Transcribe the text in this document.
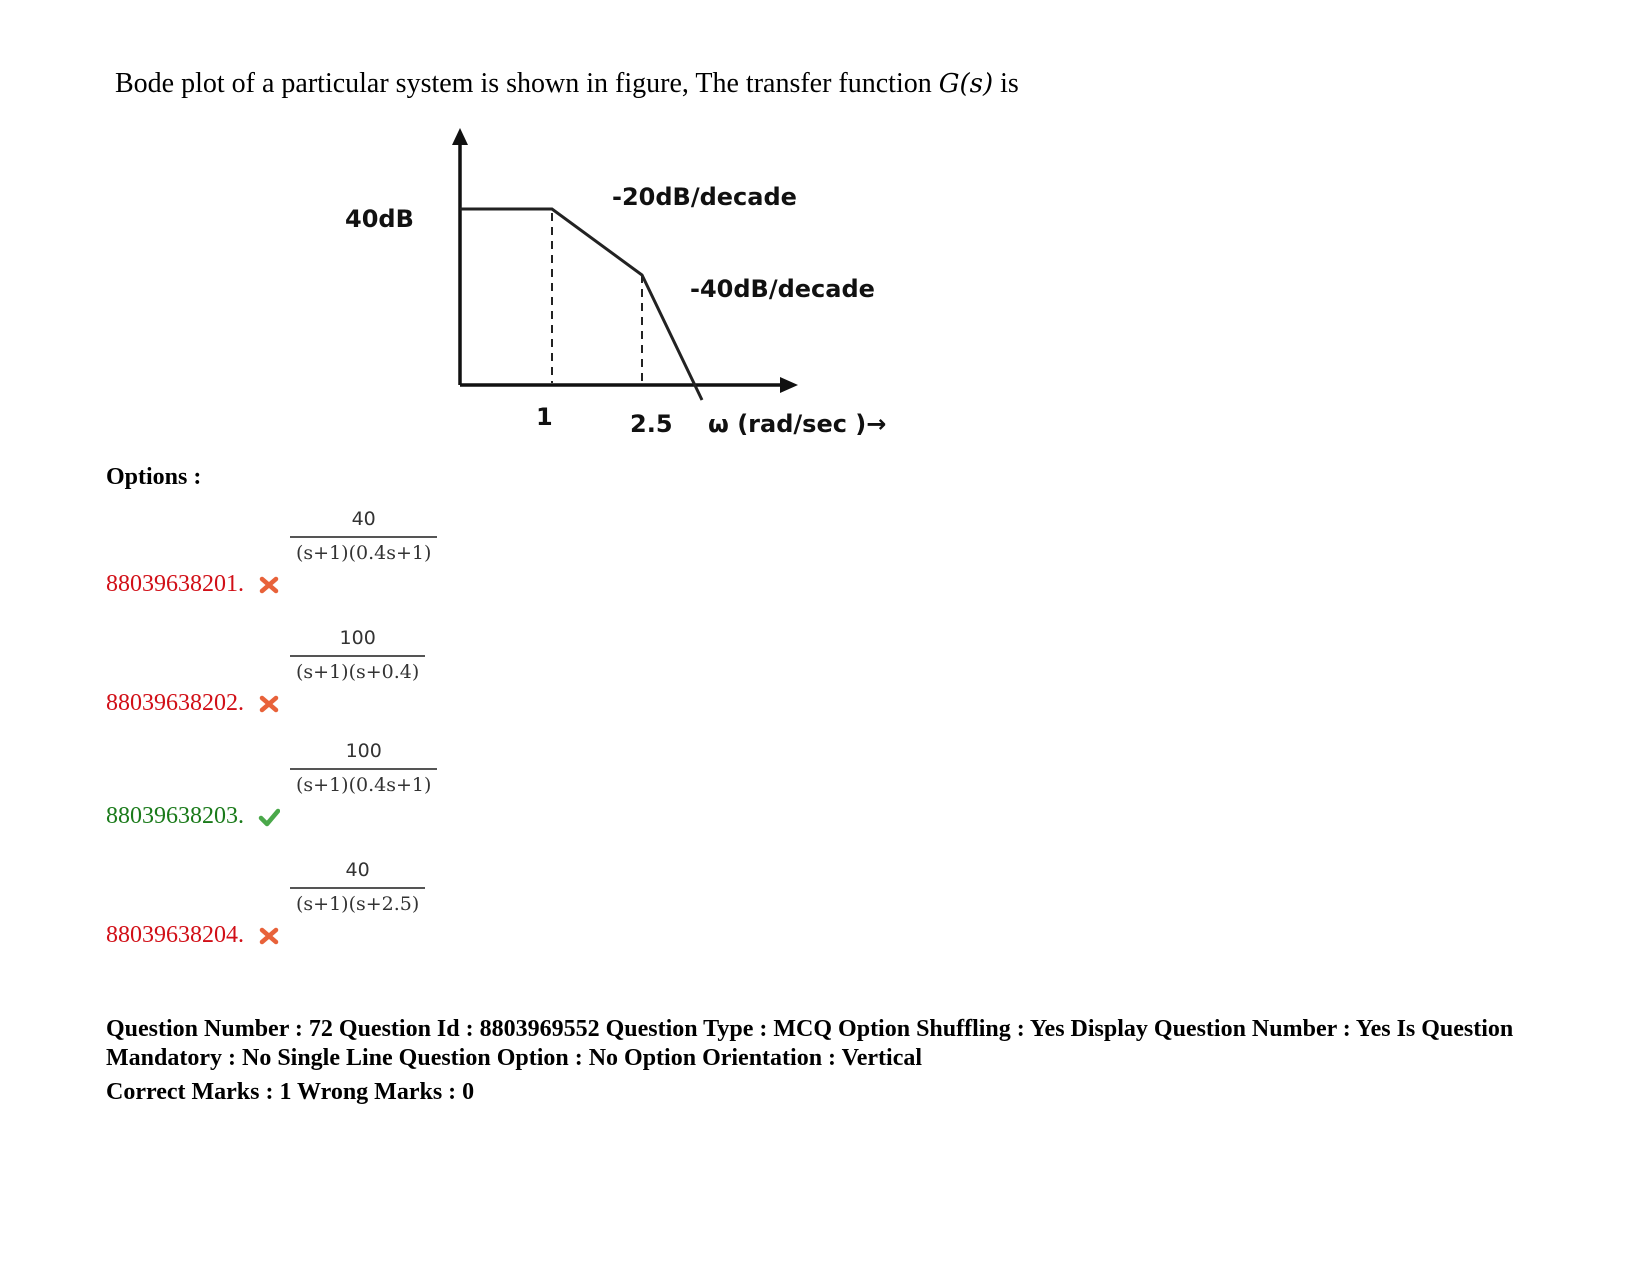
Bode plot of a particular system is shown in figure, The transfer function G(s) is
40dB
-20dB/decade
-40dB/decade
1	2.5 ω (rad/sec )→
Options :
$\frac{40}{(s+1)(0.4s+1)}$
88039638201.
$\frac{100}{(s+1)(s+0.4)}$
88039638202.
$\frac{100}{(s+1)(0.4s+1)}$
88039638203.
$\frac{40}{(s+1)(s+2.5)}$
88039638204.

Question Number : 72 Question Id : 8803969552 Question Type : MCQ Option Shuffling : Yes Display Question Number : Yes Is Question Mandatory : No Single Line Question Option : No Option Orientation : Vertical

Correct Marks : 1 Wrong Marks : 0
